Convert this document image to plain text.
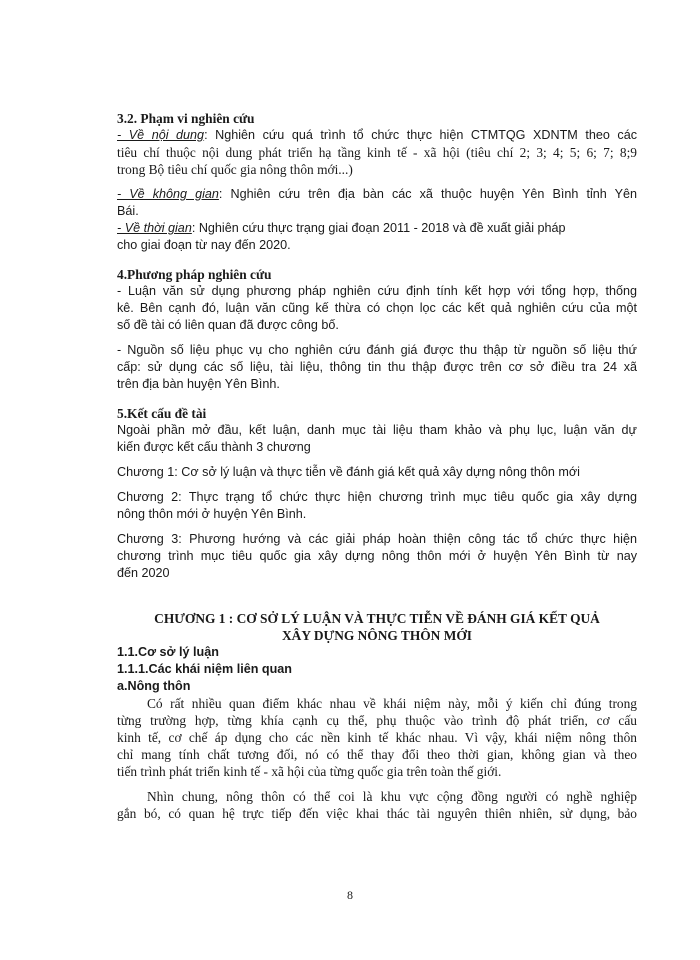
3.2. Phạm vi nghiên cứu
- Về nội dung: Nghiên cứu quá trình tổ chức thực hiện CTMTQG XDNTM theo các
tiêu chí thuộc nội dung phát triển hạ tầng kinh tế - xã hội (tiêu chí 2; 3; 4; 5; 6; 7; 8;9
trong Bộ tiêu chí quốc gia nông thôn mới...)
- Về không gian: Nghiên cứu trên địa bàn các xã thuộc huyện Yên Bình tỉnh Yên
Bái.
- Về thời gian: Nghiên cứu thực trạng giai đoạn 2011 - 2018 và đề xuất giải pháp
cho giai đoạn từ nay đến 2020.
4.Phương pháp nghiên cứu
- Luận văn sử dụng phương pháp nghiên cứu định tính kết hợp với tổng hợp, thống
kê. Bên cạnh đó, luận văn cũng kế thừa có chọn lọc các kết quả nghiên cứu của một
số đề tài có liên quan đã được công bố.
- Nguồn số liệu phục vụ cho nghiên cứu đánh giá được thu thập từ nguồn số liệu thứ
cấp: sử dụng các số liệu, tài liệu, thông tin thu thập được trên cơ sở điều tra 24 xã
trên địa bàn huyện Yên Bình.
5.Kết cấu đề tài
Ngoài phần mở đầu, kết luận, danh mục tài liệu tham khảo và phụ lục, luận văn dự
kiến được kết cấu thành 3 chương
Chương 1: Cơ sở lý luận và thực tiễn về đánh giá kết quả xây dựng nông thôn mới
Chương 2: Thực trạng tổ chức thực hiện chương trình mục tiêu quốc gia xây dựng
nông thôn mới ở huyện Yên Bình.
Chương 3: Phương hướng và các giải pháp hoàn thiện công tác tổ chức thực hiện
chương trình mục tiêu quốc gia xây dựng nông thôn mới ở huyện Yên Bình từ nay
đến 2020
CHƯƠNG 1 : CƠ SỞ LÝ LUẬN VÀ THỰC TIỄN VỀ ĐÁNH GIÁ KẾT QUẢ
XÂY DỰNG NÔNG THÔN MỚI
1.1.Cơ sở lý luận
1.1.1.Các khái niệm liên quan
a.Nông thôn
Có rất nhiều quan điểm khác nhau về khái niệm này, mỗi ý kiến chỉ đúng trong
từng trường hợp, từng khía cạnh cụ thể, phụ thuộc vào trình độ phát triển, cơ cấu
kinh tế, cơ chế áp dụng cho các nền kinh tế khác nhau. Vì vậy, khái niệm nông thôn
chỉ mang tính chất tương đối, nó có thể thay đổi theo thời gian, không gian và theo
tiến trình phát triển kinh tế - xã hội của từng quốc gia trên toàn thế giới.
Nhìn chung, nông thôn có thể coi là khu vực cộng đồng người có nghề nghiệp
gắn bó, có quan hệ trực tiếp đến việc khai thác tài nguyên thiên nhiên, sử dụng, bảo
8
